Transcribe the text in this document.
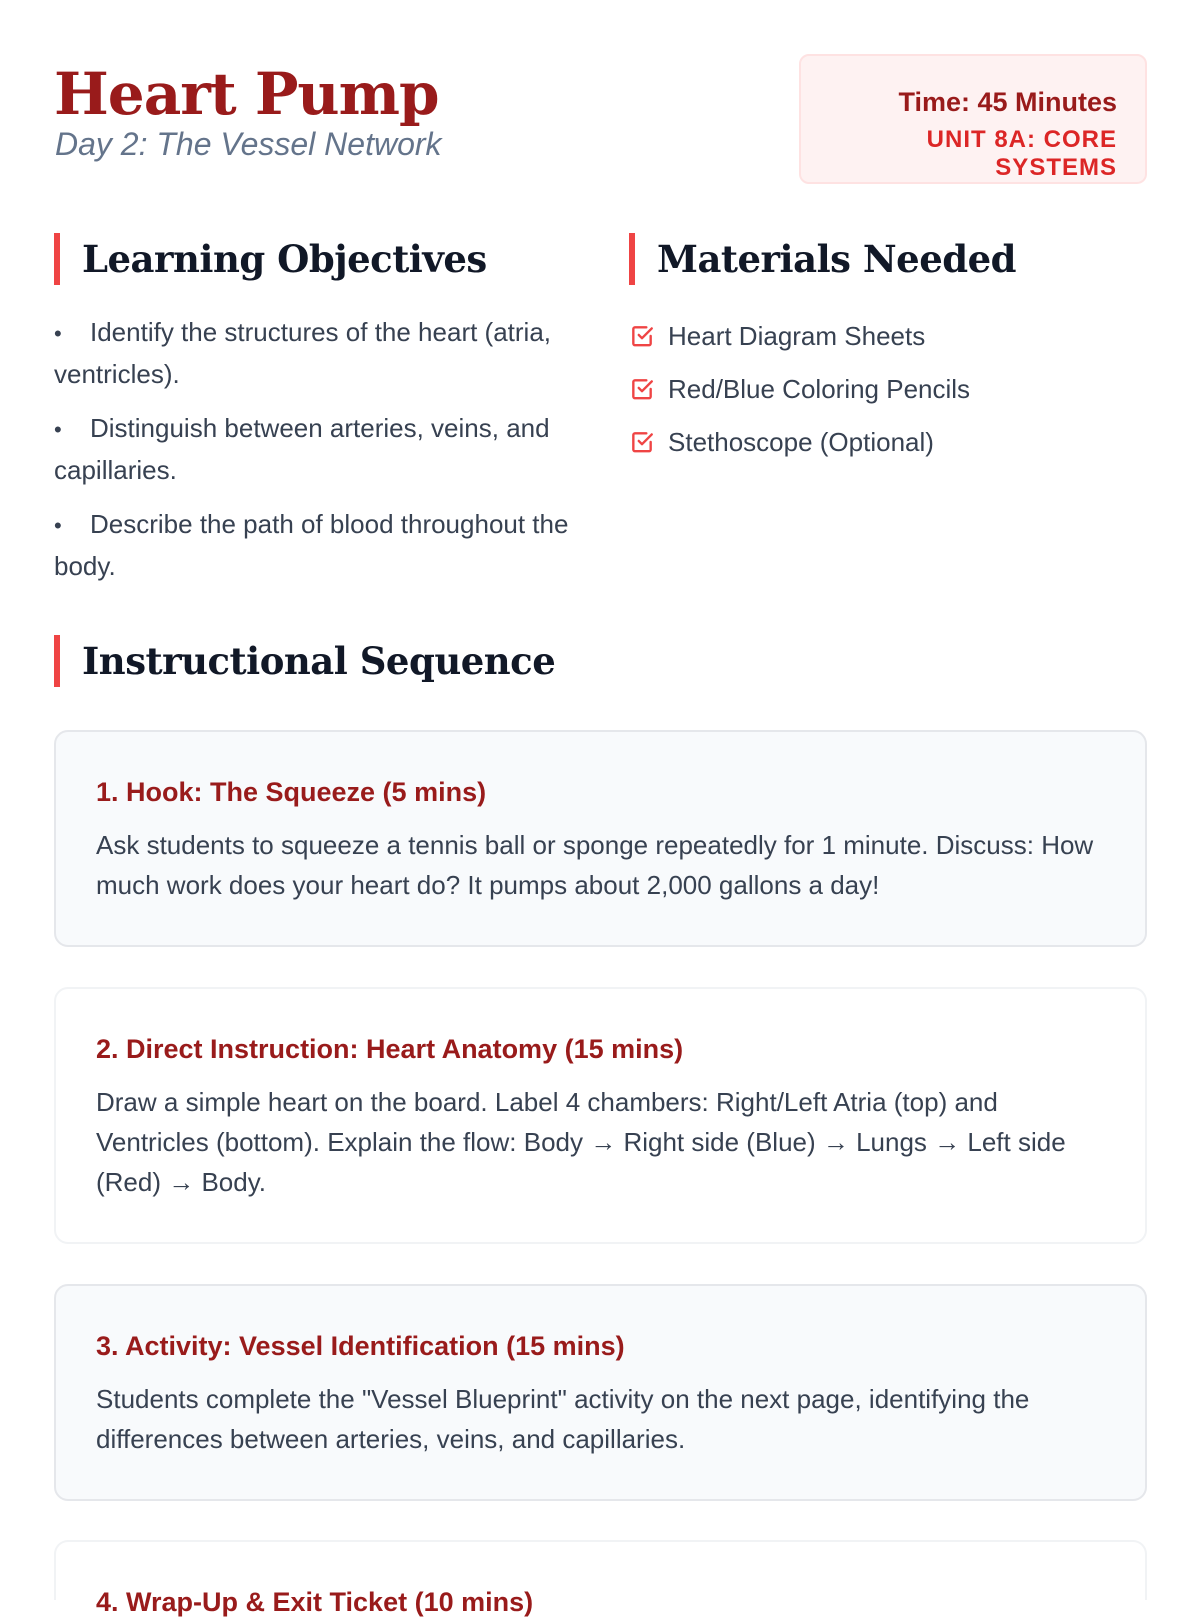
Heart Pump
Day 2: The Vessel Network
Time: 45 Minutes
UNIT 8A: CORE SYSTEMS
Learning Objectives
• Identify the structures of the heart (atria, ventricles).
• Distinguish between arteries, veins, and capillaries.
• Describe the path of blood throughout the body.
Materials Needed
Heart Diagram Sheets
Red/Blue Coloring Pencils
Stethoscope (Optional)
Instructional Sequence
1. Hook: The Squeeze (5 mins)
Ask students to squeeze a tennis ball or sponge repeatedly for 1 minute. Discuss: How much work does your heart do? It pumps about 2,000 gallons a day!
2. Direct Instruction: Heart Anatomy (15 mins)
Draw a simple heart on the board. Label 4 chambers: Right/Left Atria (top) and Ventricles (bottom). Explain the flow: Body → Right side (Blue) → Lungs → Left side (Red) → Body.
3. Activity: Vessel Identification (15 mins)
Students complete the "Vessel Blueprint" activity on the next page, identifying the differences between arteries, veins, and capillaries.
4. Wrap-Up & Exit Ticket (10 mins)
